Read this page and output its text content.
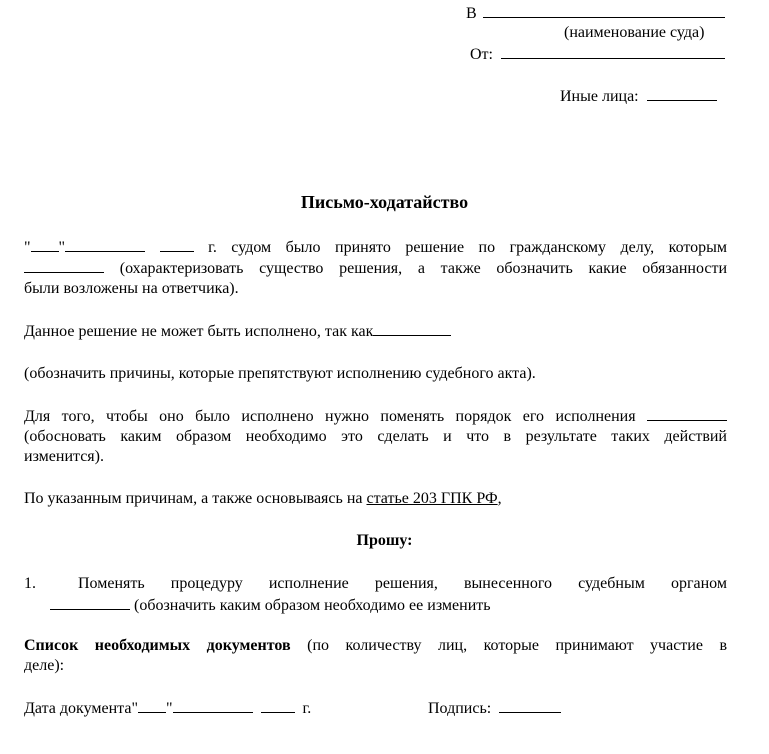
В
(наименование суда)
От:
Иные лица:
Письмо-ходатайство
" "	г. судом было принято решение по гражданскому делу, которым
(охарактеризовать существо решения, а также обозначить какие обязанности
были возложены на ответчика).
Данное решение не может быть исполнено, так как
(обозначить причины, которые препятствуют исполнению судебного акта).
Для того, чтобы оно было исполнено нужно поменять порядок его исполнения
(обосновать каким образом необходимо это сделать и что в результате таких действий
изменится).
По указанным причинам, а также основываясь на статье 203 ГПК РФ,
Прошу:
1.	Поменять процедуру исполнение решения, вынесенного судебным органом
(обозначить каким образом необходимо ее изменить
Список необходимых документов (по количеству лиц, которые принимают участие в
деле):
Дата документа" "	г.	Подпись:
